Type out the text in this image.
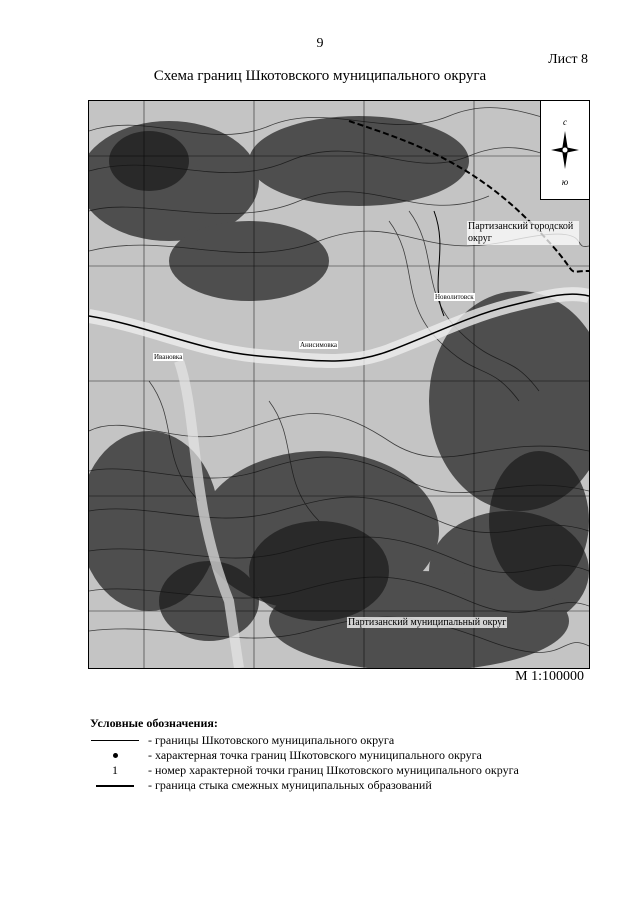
9
Лист 8
Схема границ Шкотовского муниципального округа
с
ю
Партизанский городской округ
Партизанский муниципальный округ
Анисимовка
Ивановка
Новолитовск
М 1:100000
Условные обозначения:
- границы Шкотовского муниципального округа
- характерная точка границ Шкотовского муниципального округа
1	- номер характерной точки границ Шкотовского муниципального округа
- граница стыка смежных муниципальных образований
